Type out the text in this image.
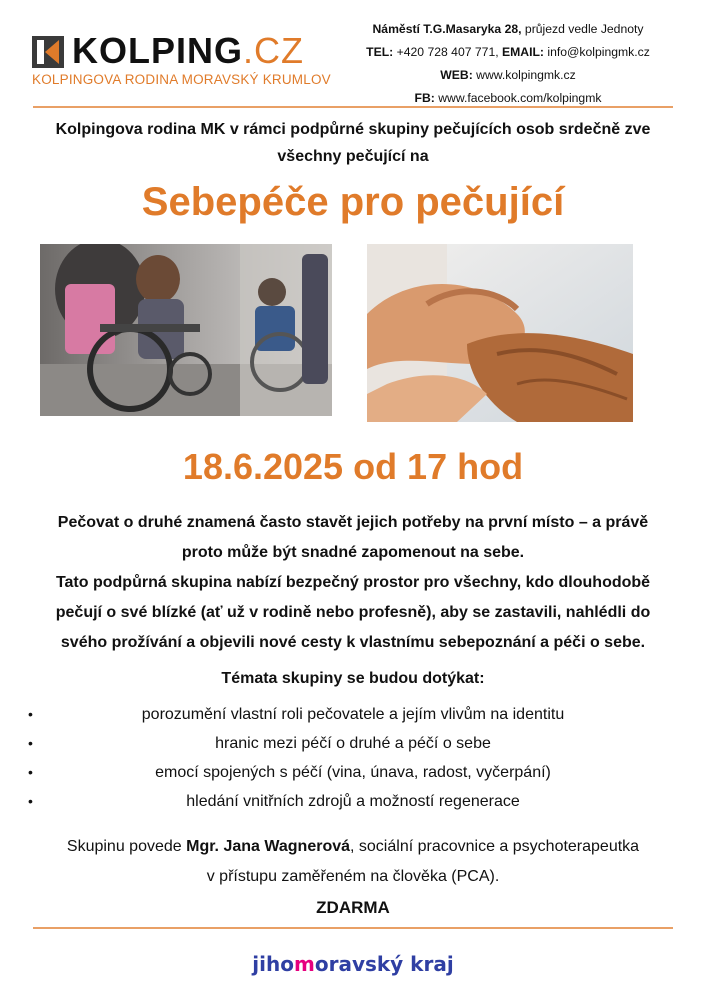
KOLPING.CZ
KOLPINGOVA RODINA MORAVSKÝ KRUMLOV
Náměstí T.G.Masaryka 28, průjezd vedle Jednoty
TEL: +420 728 407 771, EMAIL: info@kolpingmk.cz
WEB: www.kolpingmk.cz
FB: www.facebook.com/kolpingmk
Kolpingova rodina MK v rámci podpůrné skupiny pečujících osob srdečně zve
všechny pečující na
Sebepéče pro pečující
18.6.2025 od 17 hod
Pečovat o druhé znamená často stavět jejich potřeby na první místo – a právě
proto může být snadné zapomenout na sebe.
Tato podpůrná skupina nabízí bezpečný prostor pro všechny, kdo dlouhodobě
pečují o své blízké (ať už v rodině nebo profesně), aby se zastavili, nahlédli do
svého prožívání a objevili nové cesty k vlastnímu sebepoznání a péči o sebe.
Témata skupiny se budou dotýkat:
•	porozumění vlastní roli pečovatele a jejím vlivům na identitu
•	hranic mezi péčí o druhé a péčí o sebe
•	emocí spojených s péčí (vina, únava, radost, vyčerpání)
•	hledání vnitřních zdrojů a možností regenerace
Skupinu povede Mgr. Jana Wagnerová, sociální pracovnice a psychoterapeutka
v přístupu zaměřeném na člověka (PCA).
ZDARMA
jihomoravský kraj
